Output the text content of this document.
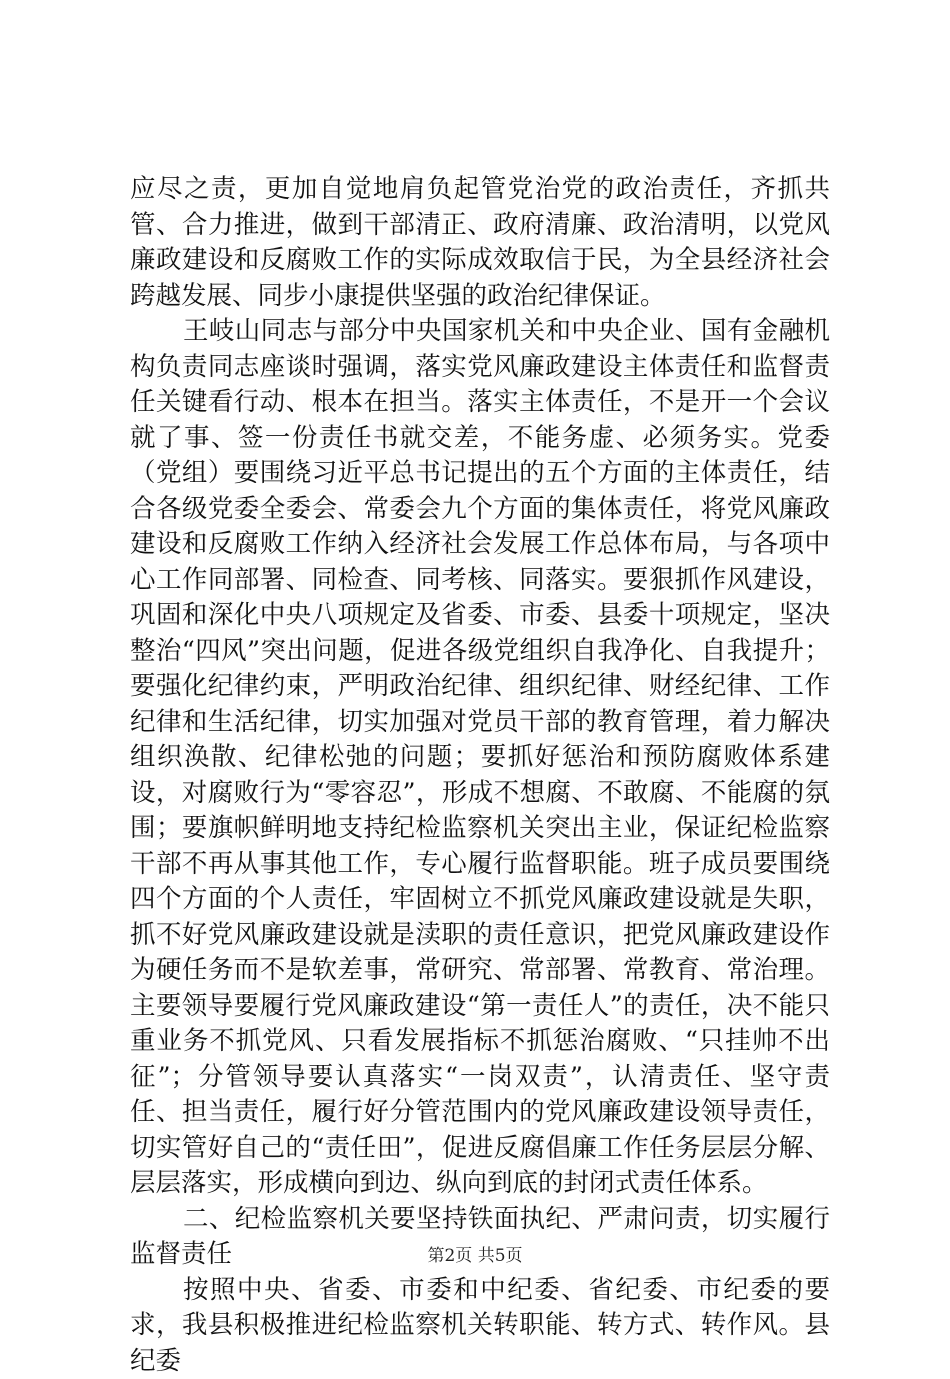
应尽之责，更加自觉地肩负起管党治党的政治责任，齐抓共管、合力推进，做到干部清正、政府清廉、政治清明，以党风廉政建设和反腐败工作的实际成效取信于民，为全县经济社会跨越发展、同步小康提供坚强的政治纪律保证。

王岐山同志与部分中央国家机关和中央企业、国有金融机构负责同志座谈时强调，落实党风廉政建设主体责任和监督责任关键看行动、根本在担当。落实主体责任，不是开一个会议就了事、签一份责任书就交差，不能务虚、必须务实。党委（党组）要围绕习近平总书记提出的五个方面的主体责任，结合各级党委全委会、常委会九个方面的集体责任，将党风廉政建设和反腐败工作纳入经济社会发展工作总体布局，与各项中心工作同部署、同检查、同考核、同落实。要狠抓作风建设，巩固和深化中央八项规定及省委、市委、县委十项规定，坚决整治“四风”突出问题，促进各级党组织自我净化、自我提升；要强化纪律约束，严明政治纪律、组织纪律、财经纪律、工作纪律和生活纪律，切实加强对党员干部的教育管理，着力解决组织涣散、纪律松弛的问题；要抓好惩治和预防腐败体系建设，对腐败行为“零容忍”，形成不想腐、不敢腐、不能腐的氛围；要旗帜鲜明地支持纪检监察机关突出主业，保证纪检监察干部不再从事其他工作，专心履行监督职能。班子成员要围绕四个方面的个人责任，牢固树立不抓党风廉政建设就是失职，抓不好党风廉政建设就是渎职的责任意识，把党风廉政建设作为硬任务而不是软差事，常研究、常部署、常教育、常治理。主要领导要履行党风廉政建设“第一责任人”的责任，决不能只重业务不抓党风、只看发展指标不抓惩治腐败、“只挂帅不出征”；分管领导要认真落实“一岗双责”，认清责任、坚守责任、担当责任，履行好分管范围内的党风廉政建设领导责任，切实管好自己的“责任田”，促进反腐倡廉工作任务层层分解、层层落实，形成横向到边、纵向到底的封闭式责任体系。

二、纪检监察机关要坚持铁面执纪、严肃问责，切实履行监督责任

按照中央、省委、市委和中纪委、省纪委、市纪委的要求，我县积极推进纪检监察机关转职能、转方式、转作风。县纪委

第2页 共5页
